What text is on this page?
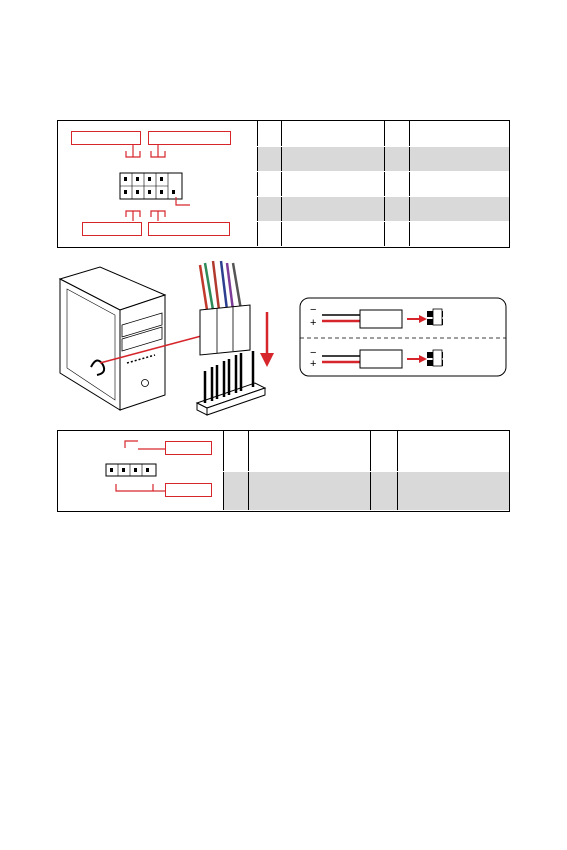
−
+
−
+
